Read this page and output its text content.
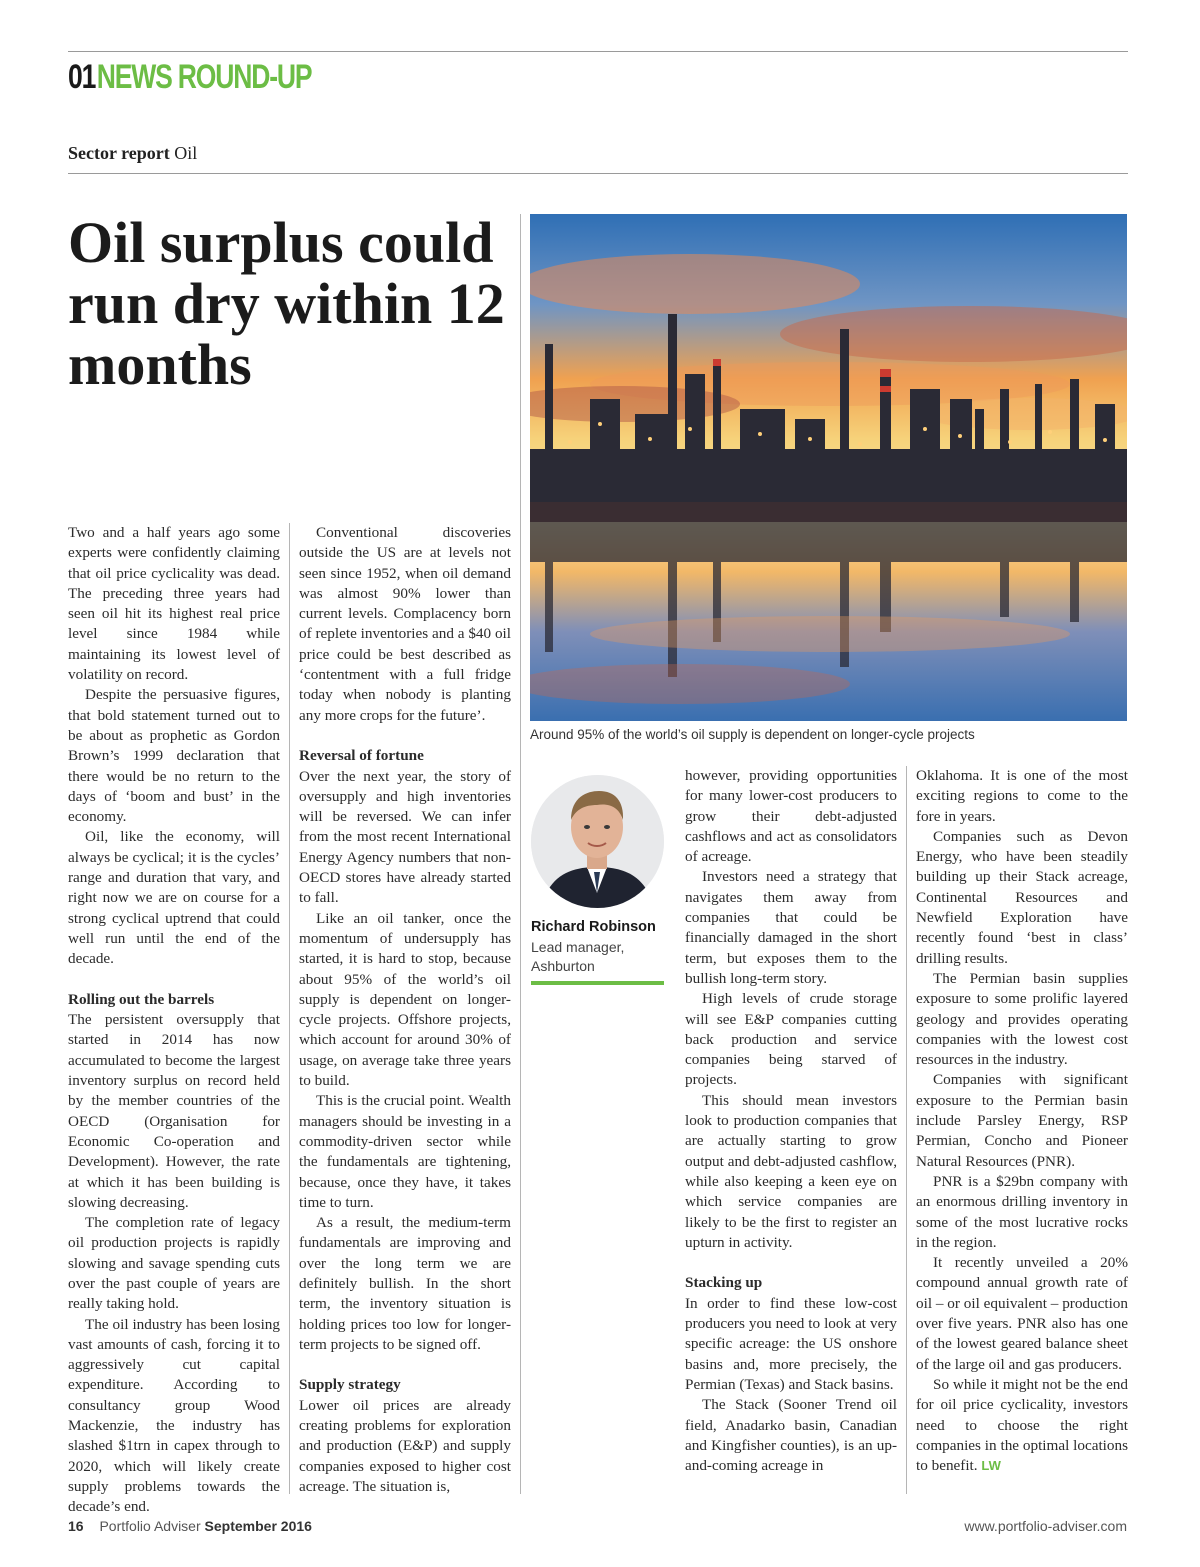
01NEWS ROUND-UP
Sector report Oil
Oil surplus could run dry within 12 months
Around 95% of the world’s oil supply is dependent on longer-cycle projects
Richard Robinson
Lead manager, Ashburton

Two and a half years ago some experts were confidently claiming that oil price cyclicality was dead. The preceding three years had seen oil hit its highest real price level since 1984 while maintaining its lowest level of volatility on record.

Despite the persuasive figures, that bold statement turned out to be about as prophetic as Gordon Brown’s 1999 declaration that there would be no return to the days of ‘boom and bust’ in the economy.

Oil, like the economy, will always be cyclical; it is the cycles’ range and duration that vary, and right now we are on course for a strong cyclical uptrend that could well run until the end of the decade.

Rolling out the barrels

The persistent oversupply that started in 2014 has now accumulated to become the largest inventory surplus on record held by the member countries of the OECD (Organisation for Economic Co-operation and Development). However, the rate at which it has been building is slowing decreasing.

The completion rate of legacy oil production projects is rapidly slowing and savage spending cuts over the past couple of years are really taking hold.

The oil industry has been losing vast amounts of cash, forcing it to aggressively cut capital expenditure. According to consultancy group Wood Mackenzie, the industry has slashed $1trn in capex through to 2020, which will likely create supply problems towards the decade’s end.

Conventional discoveries outside the US are at levels not seen since 1952, when oil demand was almost 90% lower than current levels. Complacency born of replete inventories and a $40 oil price could be best described as ‘contentment with a full fridge today when nobody is planting any more crops for the future’.

Reversal of fortune

Over the next year, the story of oversupply and high inventories will be reversed. We can infer from the most recent International Energy Agency numbers that non-OECD stores have already started to fall.

Like an oil tanker, once the momentum of undersupply has started, it is hard to stop, because about 95% of the world’s oil supply is dependent on longer-cycle projects. Offshore projects, which account for around 30% of usage, on average take three years to build.

This is the crucial point. Wealth managers should be investing in a commodity-driven sector while the fundamentals are tightening, because, once they have, it takes time to turn.

As a result, the medium-term fundamentals are improving and over the long term we are definitely bullish. In the short term, the inventory situation is holding prices too low for longer-term projects to be signed off.

Supply strategy

Lower oil prices are already creating problems for exploration and production (E&P) and supply companies exposed to higher cost acreage. The situation is,

however, providing opportunities for many lower-cost producers to grow their debt-adjusted cashflows and act as consolidators of acreage.

Investors need a strategy that navigates them away from companies that could be financially damaged in the short term, but exposes them to the bullish long-term story.

High levels of crude storage will see E&P companies cutting back production and service companies being starved of projects.

This should mean investors look to production companies that are actually starting to grow output and debt-adjusted cashflow, while also keeping a keen eye on which service companies are likely to be the first to register an upturn in activity.

Stacking up

In order to find these low-cost producers you need to look at very specific acreage: the US onshore basins and, more precisely, the Permian (Texas) and Stack basins.

The Stack (Sooner Trend oil field, Anadarko basin, Canadian and Kingfisher counties), is an up-and-coming acreage in

Oklahoma. It is one of the most exciting regions to come to the fore in years.

Companies such as Devon Energy, who have been steadily building up their Stack acreage, Continental Resources and Newfield Exploration have recently found ‘best in class’ drilling results.

The Permian basin supplies exposure to some prolific layered geology and provides operating companies with the lowest cost resources in the industry.

Companies with significant exposure to the Permian basin include Parsley Energy, RSP Permian, Concho and Pioneer Natural Resources (PNR).

PNR is a $29bn company with an enormous drilling inventory in some of the most lucrative rocks in the region.

It recently unveiled a 20% compound annual growth rate of oil – or oil equivalent – production over five years. PNR also has one of the lowest geared balance sheet of the large oil and gas producers.

So while it might not be the end for oil price cyclicality, investors need to choose the right companies in the optimal locations to benefit. LW

16 Portfolio Adviser September 2016	www.portfolio-adviser.com
